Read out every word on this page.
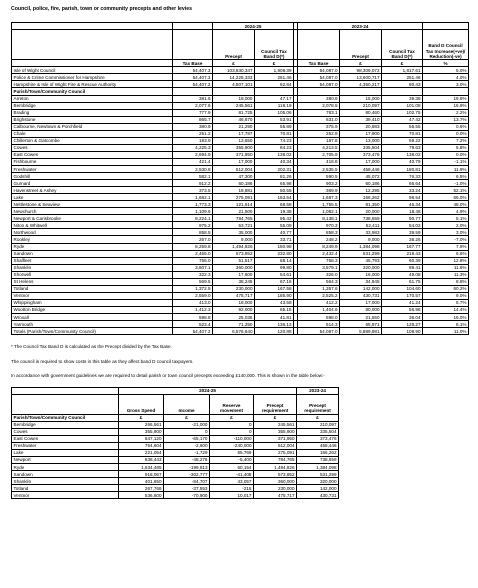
Council, police, fire, parish, town or community precepts and other levies
		2024-25			2023-24			
		Precept	Council Tax Band D(*)			Precept	Council Tax Band D(*)	Band D Council Tax Increase(+ve)/ Reduction(-ve)
	Tax Base	£	£		Tax Base	£	£	%
Isle of Wight Council	54,407.3	103,830,347	1,908.39		54,087.0	98,309,072	1,817.61	5.0%
Police & Crime Commissioner for Hampshire	54,407.3	14,225,333	261.46		54,087.0	13,600,717	251.46	4.0%
Hampshire & Isle of Wight Fire & Rescue Authority	54,407.3	4,507,101	82.84		54,087.0	4,350,217	80.43	3.0%
Parish/Town/Community Council								
Arreton	381.6	18,000	47.17		380.9	15,000	39.38	19.8%
Bembridge	2,077.6	245,561	118.19		2,078.5	210,097	101.08	16.9%
Brading	777.9	81,725	105.06		783.1	80,460	102.75	2.2%
Brighstone	865.7	46,670	53.91		831.0	39,410	47.42	13.7%
Calbourne, Newtown & Porchfield	380.9	21,290	55.89		375.9	20,883	55.55	0.6%
Chale	251.2	17,787	70.81		252.8	17,900	70.81	0.0%
Chillerton & Gatcombe	183.9	13,650	74.23		187.8	13,000	69.22	7.2%
Cowes	4,225.3	355,900	84.23		4,213.5	335,504	79.63	5.8%
East Cowes	2,694.9	371,950	138.02		2,705.9	373,476	138.02	0.0%
Fishbourne	421.4	17,000	40.34		416.8	17,000	40.79	-1.1%
Freshwater	2,530.8	512,004	202.31		2,535.5	458,446	180.81	11.9%
Godshill	582.1	47,300	81.26		590.5	45,072	76.33	6.5%
Gurnard	912.2	60,186	65.98		903.2	60,186	66.64	-1.0%
Havenstreet & Ashey	373.5	18,881	50.55		369.9	12,295	33.24	52.1%
Lake	1,682.1	275,091	163.54		1,687.3	166,262	98.54	66.0%
Nettlestone & Seaview	1,773.3	121,614	68.58		1,755.5	81,350	46.34	48.0%
Newchurch	1,109.6	21,500	19.38		1,082.1	20,000	18.48	4.9%
Newport & Carisbrooke	8,224.1	784,765	95.42		8,138.1	738,659	90.77	5.1%
Niton & Whitwell	975.2	53,721	55.09		970.3	52,411	54.02	2.0%
Northwood	858.5	35,000	40.77		858.3	33,983	39.59	3.0%
Rookley	267.0	9,000	33.71		248.2	9,000	36.26	-7.0%
Ryde	8,259.8	1,494,826	180.98		8,249.9	1,384,098	167.77	7.9%
Sandown	2,465.0	573,852	232.80		2,432.4	531,299	218.43	6.6%
Shalfleet	756.0	51,517	68.14		758.3	45,793	60.39	12.8%
Shanklin	3,607.1	360,000	99.80		3,579.1	320,000	89.41	11.6%
Shorwell	322.3	17,600	54.61		326.0	16,000	49.08	11.3%
St Helens	569.5	38,245	67.16		564.3	34,845	61.75	8.8%
Totland	1,372.5	230,000	167.58		1,357.6	142,000	104.60	60.2%
Ventnor	2,559.0	475,717	185.90		2,525.2	430,731	170.57	9.0%
Whippingham	413.0	18,000	43.58		412.2	17,000	41.24	5.7%
Wootton Bridge	1,412.3	92,000	65.15		1,404.6	80,000	56.96	14.4%
Wroxall	598.8	25,035	41.81		598.0	21,550	36.04	16.0%
Yarmouth	523.4	71,250	136.13		514.3	65,971	128.27	6.1%
Totals (Parish/Town/Community Council)	54,407.3	6,576,640	120.88		54,087.0	5,889,881	108.90	11.0%
* The Council Tax Band D is calculated as the Precept divided by the Tax Base.
The council is required to show costs in this table as they affect band D council taxpayers.
In accordance with government guidelines we are required to detail parish or town council precepts exceeding £140,000. This is shown in the table below:-
	2024-25				2023-24
	Gross Spend	Income	Reserve movement	Precept requirement	Precept requirement
Parish/Town/Community Council	£	£	£	£	£
Bembridge	266,561	-21,000	0	245,561	210,097
Cowes	355,900	0	0	355,900	335,504
East Cowes	547,120	-65,170	-110,000	371,950	373,476
Freshwater	754,604	-2,600	-240,000	512,004	458,446
Lake	221,054	-1,729	55,769	275,091	166,262
Newport	838,443	-48,276	-5,400	784,765	738,659
Ryde	1,634,485	-199,813	60,154	1,494,826	1,384,098
Sandown	918,067	-302,777	-41,408	573,852	531,299
Shanklin	401,650	-84,707	43,057	360,000	320,000
Totland	267,768	-37,553	-215	230,000	142,000
Ventnor	536,600	-70,900	10,017	475,717	430,731
